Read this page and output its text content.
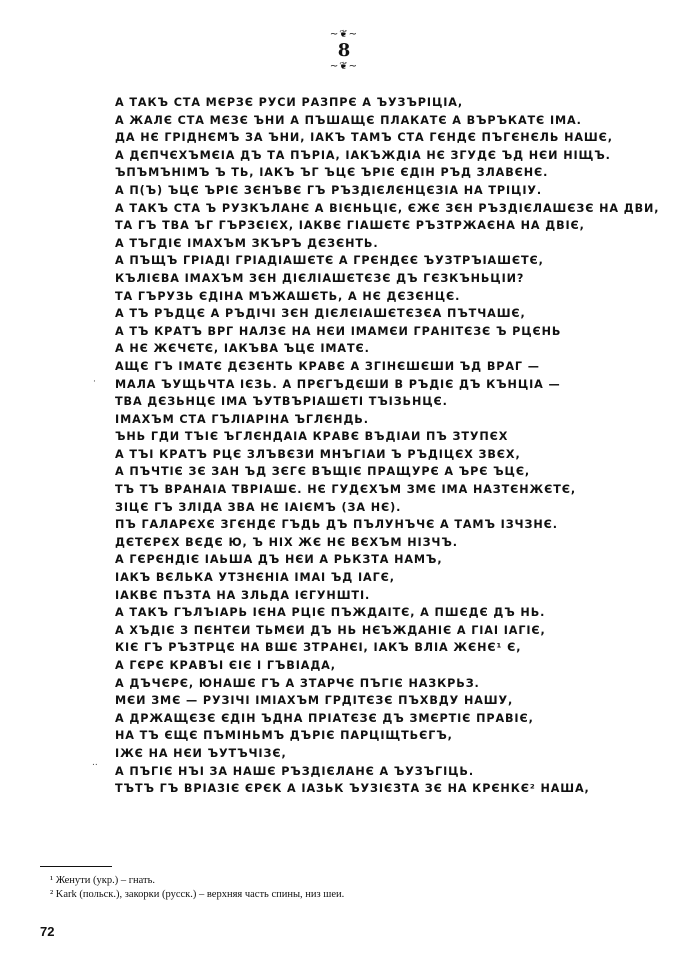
~❦~
8
~❦~
А ТАКЪ СТА МЄРЗЄ РУСИ РАЗПРЄ А ЪУЗЪРІЦІА,
А ЖАЛЄ СТА МЄЗЄ ЪНИ А ПЪШАЩЄ ПЛАКАТЄ А ВЪРЪКАТЄ ІМА.
ДА НЄ ГРІДНЄМЪ ЗА ЪНИ, ІАКЪ ТАМЪ СТА ГЄНДЄ ПЪГЄНЄЛЬ НАШЄ,
А ДЄПЧЄХЪМЄІА ДЪ ТА ПЪРІА, ІАКЪЖДІА НЄ ЗГУДЄ ЪД НЄИ НІЩЪ.
ЪПЪМЪНІМЪ Ъ ТЬ, ІАКЪ ЪГ ЪЦЄ ЪРІЄ ЄДІН РЪД ЗЛАВЄНЄ.
А П(Ъ) ЪЦЄ ЪРІЄ ЗЄНЪВЄ ГЪ РЪЗДІЄЛЄНЦЄЗІА НА ТРІЦІУ.
А ТАКЪ СТА Ъ РУЗКЪЛАНЄ А ВІЄНЬЦІЄ, ЄЖЄ ЗЄН РЪЗДІЄЛАШЄЗЄ НА ДВИ,
ТА ГЪ ТВА ЪГ ГЪРЗЄІЄХ, ІАКВЄ ГІАШЄТЄ РЪЗТРЖАЄНА НА ДВІЄ,
А ТЪГДІЄ ІМАХЪМ ЗКЪРЪ ДЄЗЄНТЬ.
А ПЪЩЪ ГРІАДІ ГРІАДІАШЄТЄ А ГРЄНДЄЄ ЪУЗТРЪІАШЄТЄ,
КЪЛІЄВА ІМАХЪМ ЗЄН ДІЄЛІАШЄТЄЗЄ ДЪ ГЄЗКЪНЬЦІИ?
ТА ГЪРУЗЬ ЄДІНА МЪЖАШЄТЬ, А НЄ ДЄЗЄНЦЄ.
А ТЪ РЪДЦЄ А РЪДІЧІ ЗЄН ДІЄЛЄІАШЄТЄЗЄА ПЪТЧАШЄ,
А ТЪ КРАТЪ ВРГ НАЛЗЄ НА НЄИ ІМАМЄИ ГРАНІТЄЗЄ Ъ РЦЄНЬ
А НЄ ЖЄЧЄТЄ, ІАКЪВА ЪЦЄ ІМАТЄ.
АЩЄ ГЪ ІМАТЄ ДЄЗЄНТЬ КРАВЄ А ЗГІНЄШЄШИ ЪД ВРАГ —
МАЛА ЪУЩЬЧТА ІЄЗЬ. А ПРЄГЪДЄШИ В РЪДІЄ ДЪ КЪНЦІА —
ТВА ДЄЗЬНЦЄ ІМА ЪУТВЪРІАШЄТІ ТЪІЗЬНЦЄ.
ІМАХЪМ СТА ГЪЛІАРІНА ЪГЛЄНДЬ.
ЪНЬ ГДИ ТЪІЄ ЪГЛЄНДАІА КРАВЄ ВЪДІАИ ПЪ ЗТУПЄХ
А ТЪІ КРАТЪ РЦЄ ЗЛЪВЄЗИ МНЪГІАИ Ъ РЪДІЦЄХ ЗВЄХ,
А ПЪЧТІЄ ЗЄ ЗАН ЪД ЗЄГЄ ВЪЩІЄ ПРАЩУРЄ А ЪРЄ ЪЦЄ,
ТЪ ТЪ ВРАНАІА ТВРІАШЄ. НЄ ГУДЄХЪМ ЗМЄ ІМА НАЗТЄНЖЄТЄ,
ЗІЦЄ ГЪ ЗЛІДА ЗВА НЄ ІАІЄМЪ (ЗА НЄ).
ПЪ ГАЛАРЄХЄ ЗГЄНДЄ ГЪДЬ ДЪ ПЪЛУНЪЧЄ А ТАМЪ ІЗЧЗНЄ.
ДЄТЄРЄХ ВЄДЄ Ю, Ъ НІХ ЖЄ НЄ ВЄХЪМ НІЗЧЪ.
А ГЄРЄНДІЄ ІАЬША ДЪ НЄИ А РЬКЗТА НАМЪ,
ІАКЪ ВЄЛЬКА УТЗНЄНІА ІМАІ ЪД ІАГЄ,
ІАКВЄ ПЪЗТА НА ЗЛЬДА ІЄГУНШТІ.
А ТАКЪ ГЪЛЪІАРЬ ІЄНА РЦІЄ ПЪЖДАІТЄ, А ПШЄДЄ ДЪ НЬ.
А ХЪДІЄ З ПЄНТЄИ ТЬМЄИ ДЪ НЬ НЄЪЖДАНІЄ А ГІАІ ІАГІЄ,
КІЄ ГЪ РЪЗТРЦЄ НА ВШЄ ЗТРАНЄІ, ІАКЪ ВЛІА ЖЄНЄ¹ Є,
А ГЄРЄ КРАВЪІ ЄІЄ І ГЪВІАДА,
А ДЪЧЄРЄ, ЮНАШЄ ГЪ А ЗТАРЧЄ ПЪГІЄ НАЗКРЬЗ.
МЄИ ЗМЄ — РУЗІЧІ ІМІАХЪМ ГРДІТЄЗЄ ПЪХВДУ НАШУ,
А ДРЖАЩЄЗЄ ЄДІН ЪДНА ПРІАТЄЗЄ ДЪ ЗМЄРТІЄ ПРАВІЄ,
НА ТЪ ЄЩЄ ПЪМІНЬМЪ ДЪРІЄ ПАРЦІЩТЬЄГЪ,
ІЖЄ НА НЄИ ЪУТЪЧІЗЄ,
А ПЪГІЄ НЪІ ЗА НАШЄ РЪЗДІЄЛАНЄ А ЪУЗЪГІЦЬ.
ТЪТЪ ГЪ ВРІАЗІЄ ЄРЄК А ІАЗЬК ЪУЗІЄЗТА ЗЄ НА КРЄНКЄ² НАША,
·
..
¹ Женути (укр.) – гнать.
² Kark (польск.), закорки (русск.) – верхняя часть спины, низ шеи.
72
